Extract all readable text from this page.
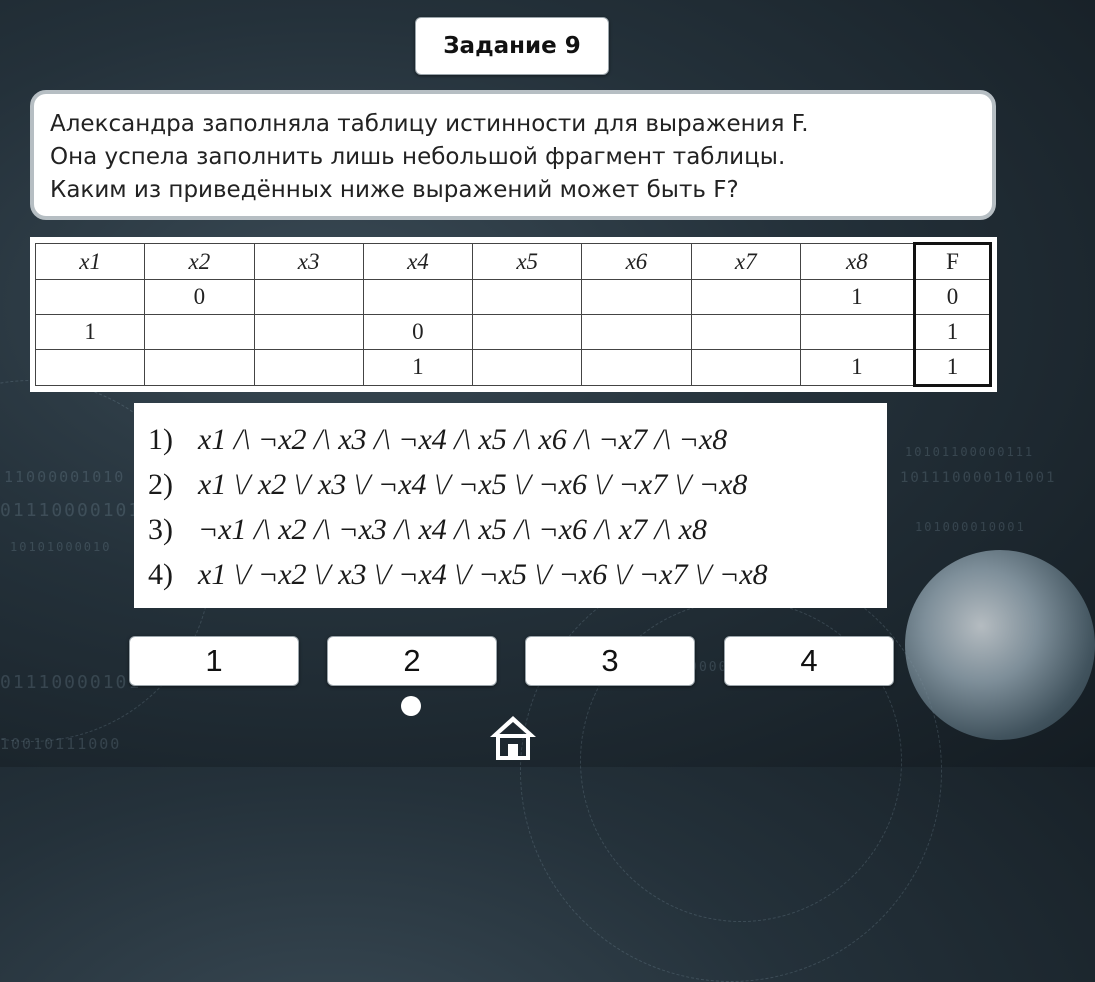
11000001010
01110000101
10101000010
01110000101
10010111000
10101100000111
101110000101001
101000010001
01011000001001
Задание 9
Александра заполняла таблицу истинности для выражения F.
Она успела заполнить лишь небольшой фрагмент таблицы.
Каким из приведённых ниже выражений может быть F?
x1	x2	x3	x4	x5	x6	x7	x8	F
	0						1	0
1			0					1
			1				1	1
1) x1 /\ ¬x2 /\ x3 /\ ¬x4 /\ x5 /\ x6 /\ ¬x7 /\ ¬x8
2) x1 \/ x2 \/ x3 \/ ¬x4 \/ ¬x5 \/ ¬x6 \/ ¬x7 \/ ¬x8
3) ¬x1 /\ x2 /\ ¬x3 /\ x4 /\ x5 /\ ¬x6 /\ x7 /\ x8
4) x1 \/ ¬x2 \/ x3 \/ ¬x4 \/ ¬x5 \/ ¬x6 \/ ¬x7 \/ ¬x8
1	2	3	4
